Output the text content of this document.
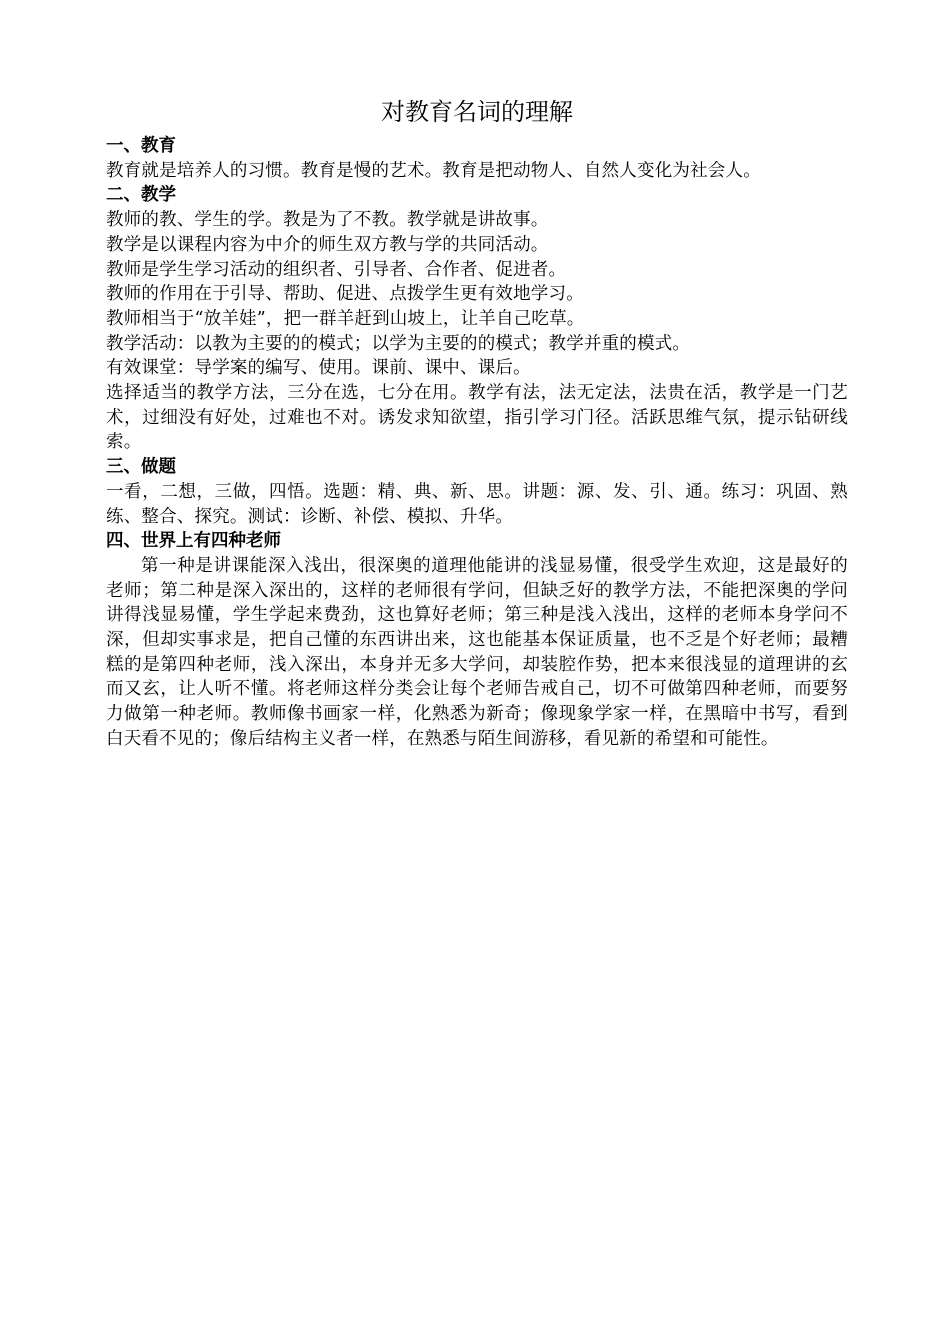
对教育名词的理解

一、教育

教育就是培养人的习惯。教育是慢的艺术。教育是把动物人、自然人变化为社会人。

二、教学

教师的教、学生的学。教是为了不教。教学就是讲故事。

教学是以课程内容为中介的师生双方教与学的共同活动。

教师是学生学习活动的组织者、引导者、合作者、促进者。

教师的作用在于引导、帮助、促进、点拨学生更有效地学习。

教师相当于“放羊娃”，把一群羊赶到山坡上，让羊自己吃草。

教学活动：以教为主要的的模式；以学为主要的的模式；教学并重的模式。

有效课堂：导学案的编写、使用。课前、课中、课后。

选择适当的教学方法，三分在选，七分在用。教学有法，法无定法，法贵在活，教学是一门艺术，过细没有好处，过难也不对。诱发求知欲望，指引学习门径。活跃思维气氛，提示钻研线索。

三、做题

一看，二想，三做，四悟。选题：精、典、新、思。讲题：源、发、引、通。练习：巩固、熟练、整合、探究。测试：诊断、补偿、模拟、升华。

四、世界上有四种老师

第一种是讲课能深入浅出，很深奥的道理他能讲的浅显易懂，很受学生欢迎，这是最好的老师；第二种是深入深出的，这样的老师很有学问，但缺乏好的教学方法，不能把深奥的学问讲得浅显易懂，学生学起来费劲，这也算好老师；第三种是浅入浅出，这样的老师本身学问不深，但却实事求是，把自己懂的东西讲出来，这也能基本保证质量，也不乏是个好老师；最糟糕的是第四种老师，浅入深出，本身并无多大学问，却装腔作势，把本来很浅显的道理讲的玄而又玄，让人听不懂。将老师这样分类会让每个老师告戒自己，切不可做第四种老师，而要努力做第一种老师。教师像书画家一样，化熟悉为新奇；像现象学家一样，在黑暗中书写，看到白天看不见的；像后结构主义者一样，在熟悉与陌生间游移，看见新的希望和可能性。
